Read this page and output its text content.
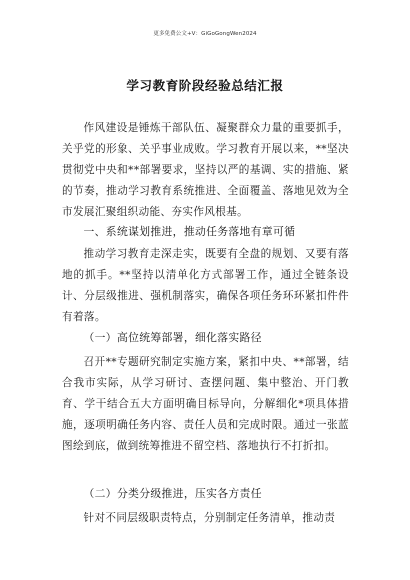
更多免费公文+V：GiGoGongWen2024
学习教育阶段经验总结汇报

作风建设是锤炼干部队伍、凝聚群众力量的重要抓手，关乎党的形象、关乎事业成败。学习教育开展以来，**坚决贯彻党中央和**部署要求，坚持以严的基调、实的措施、紧的节奏，推动学习教育系统推进、全面覆盖、落地见效为全市发展汇聚组织动能、夯实作风根基。

一、系统谋划推进，推动任务落地有章可循

推动学习教育走深走实，既要有全盘的规划、又要有落地的抓手。**坚持以清单化方式部署工作，通过全链条设计、分层级推进、强机制落实，确保各项任务环环紧扣件件有着落。

（一）高位统筹部署，细化落实路径

召开**专题研究制定实施方案，紧扣中央、**部署，结合我市实际，从学习研讨、查摆问题、集中整治、开门教育、学干结合五大方面明确目标导向，分解细化*项具体措施，逐项明确任务内容、责任人员和完成时限。通过一张蓝图绘到底，做到统筹推进不留空档、落地执行不打折扣。

（二）分类分级推进，压实各方责任

针对不同层级职责特点，分别制定任务清单，推动责
